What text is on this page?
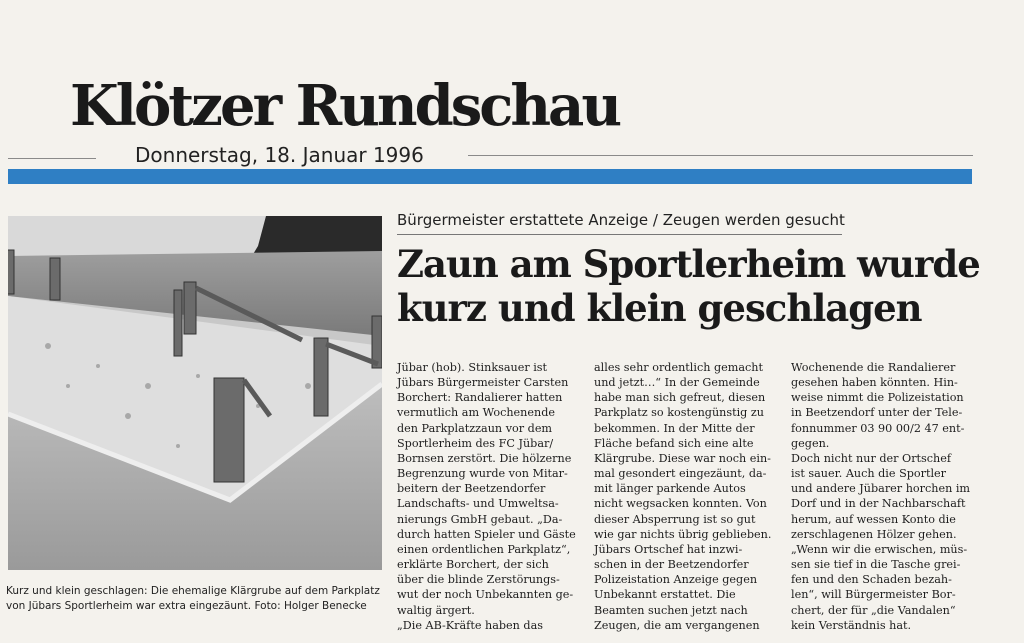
Klötzer Rundschau
Donnerstag, 18. Januar 1996
Kurz und klein geschlagen: Die ehemalige Klärgrube auf dem Parkplatz
von Jübars Sportlerheim war extra eingezäunt. Foto: Holger Benecke
Bürgermeister erstattete Anzeige / Zeugen werden gesucht
Zaun am Sportlerheim wurde
kurz und klein geschlagen
Jübar (hob). Stinksauer ist
Jübars Bürgermeister Carsten
Borchert: Randalierer hatten
vermutlich am Wochenende
den Parkplatzzaun vor dem
Sportlerheim des FC Jübar/
Bornsen zerstört. Die hölzerne
Begrenzung wurde von Mitar-
beitern der Beetzendorfer
Landschafts- und Umweltsa-
nierungs GmbH gebaut. „Da-
durch hatten Spieler und Gäste
einen ordentlichen Parkplatz“,
erklärte Borchert, der sich
über die blinde Zerstörungs-
wut der noch Unbekannten ge-
waltig ärgert.
„Die AB-Kräfte haben das
alles sehr ordentlich gemacht
und jetzt…“ In der Gemeinde
habe man sich gefreut, diesen
Parkplatz so kostengünstig zu
bekommen. In der Mitte der
Fläche befand sich eine alte
Klärgrube. Diese war noch ein-
mal gesondert eingezäunt, da-
mit länger parkende Autos
nicht wegsacken konnten. Von
dieser Absperrung ist so gut
wie gar nichts übrig geblieben.
Jübars Ortschef hat inzwi-
schen in der Beetzendorfer
Polizeistation Anzeige gegen
Unbekannt erstattet. Die
Beamten suchen jetzt nach
Zeugen, die am vergangenen
Wochenende die Randalierer
gesehen haben könnten. Hin-
weise nimmt die Polizeistation
in Beetzendorf unter der Tele-
fonnummer 03 90 00/2 47 ent-
gegen.
Doch nicht nur der Ortschef
ist sauer. Auch die Sportler
und andere Jübarer horchen im
Dorf und in der Nachbarschaft
herum, auf wessen Konto die
zerschlagenen Hölzer gehen.
„Wenn wir die erwischen, müs-
sen sie tief in die Tasche grei-
fen und den Schaden bezah-
len“, will Bürgermeister Bor-
chert, der für „die Vandalen“
kein Verständnis hat.
